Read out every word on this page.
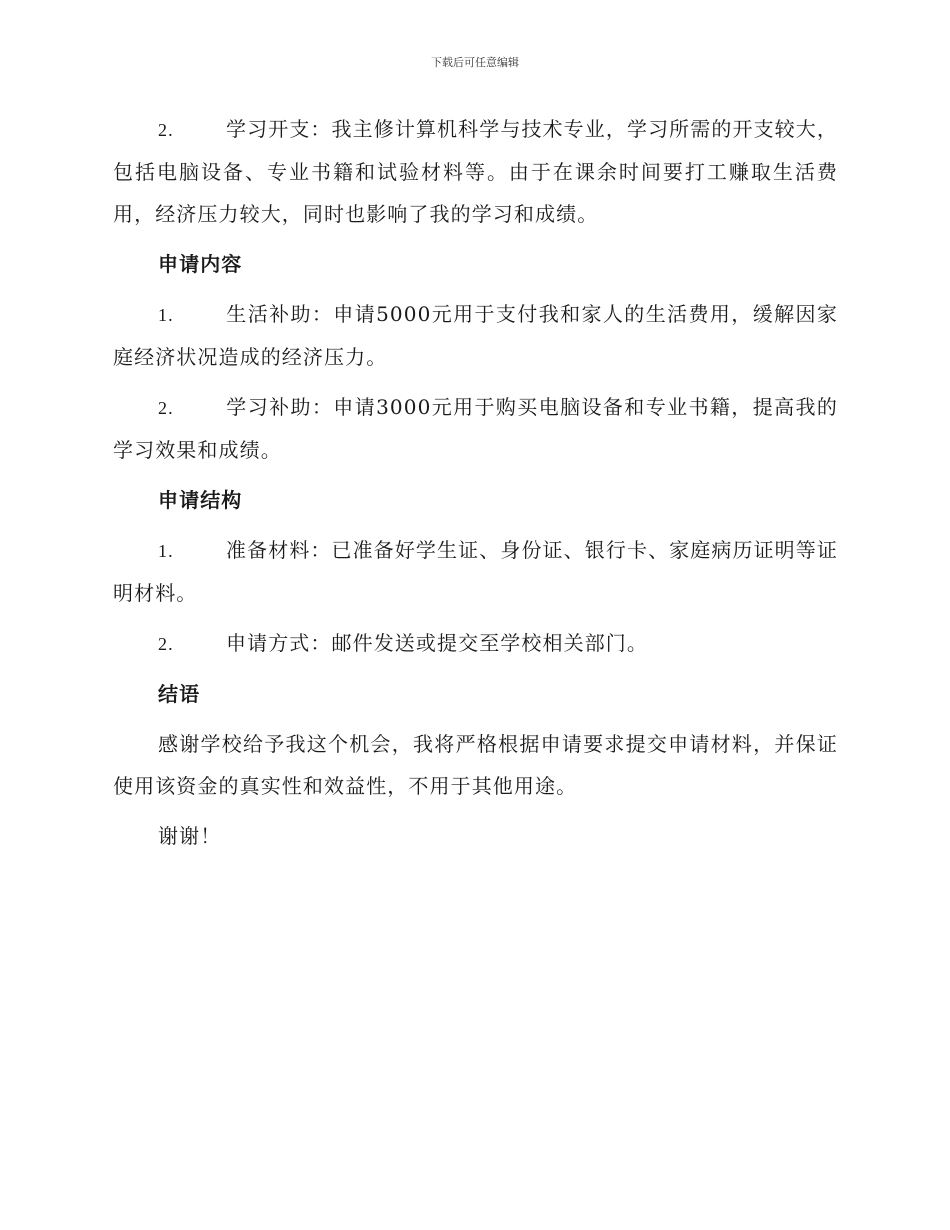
下载后可任意编辑

2.	学习开支：我主修计算机科学与技术专业，学习所需的开支较大，包括电脑设备、专业书籍和试验材料等。由于在课余时间要打工赚取生活费用，经济压力较大，同时也影响了我的学习和成绩。

申请内容

1.	生活补助：申请5000元用于支付我和家人的生活费用，缓解因家庭经济状况造成的经济压力。

2.	学习补助：申请3000元用于购买电脑设备和专业书籍，提高我的学习效果和成绩。

申请结构

1.	准备材料：已准备好学生证、身份证、银行卡、家庭病历证明等证明材料。

2.	申请方式：邮件发送或提交至学校相关部门。

结语

感谢学校给予我这个机会，我将严格根据申请要求提交申请材料，并保证使用该资金的真实性和效益性，不用于其他用途。

谢谢！
